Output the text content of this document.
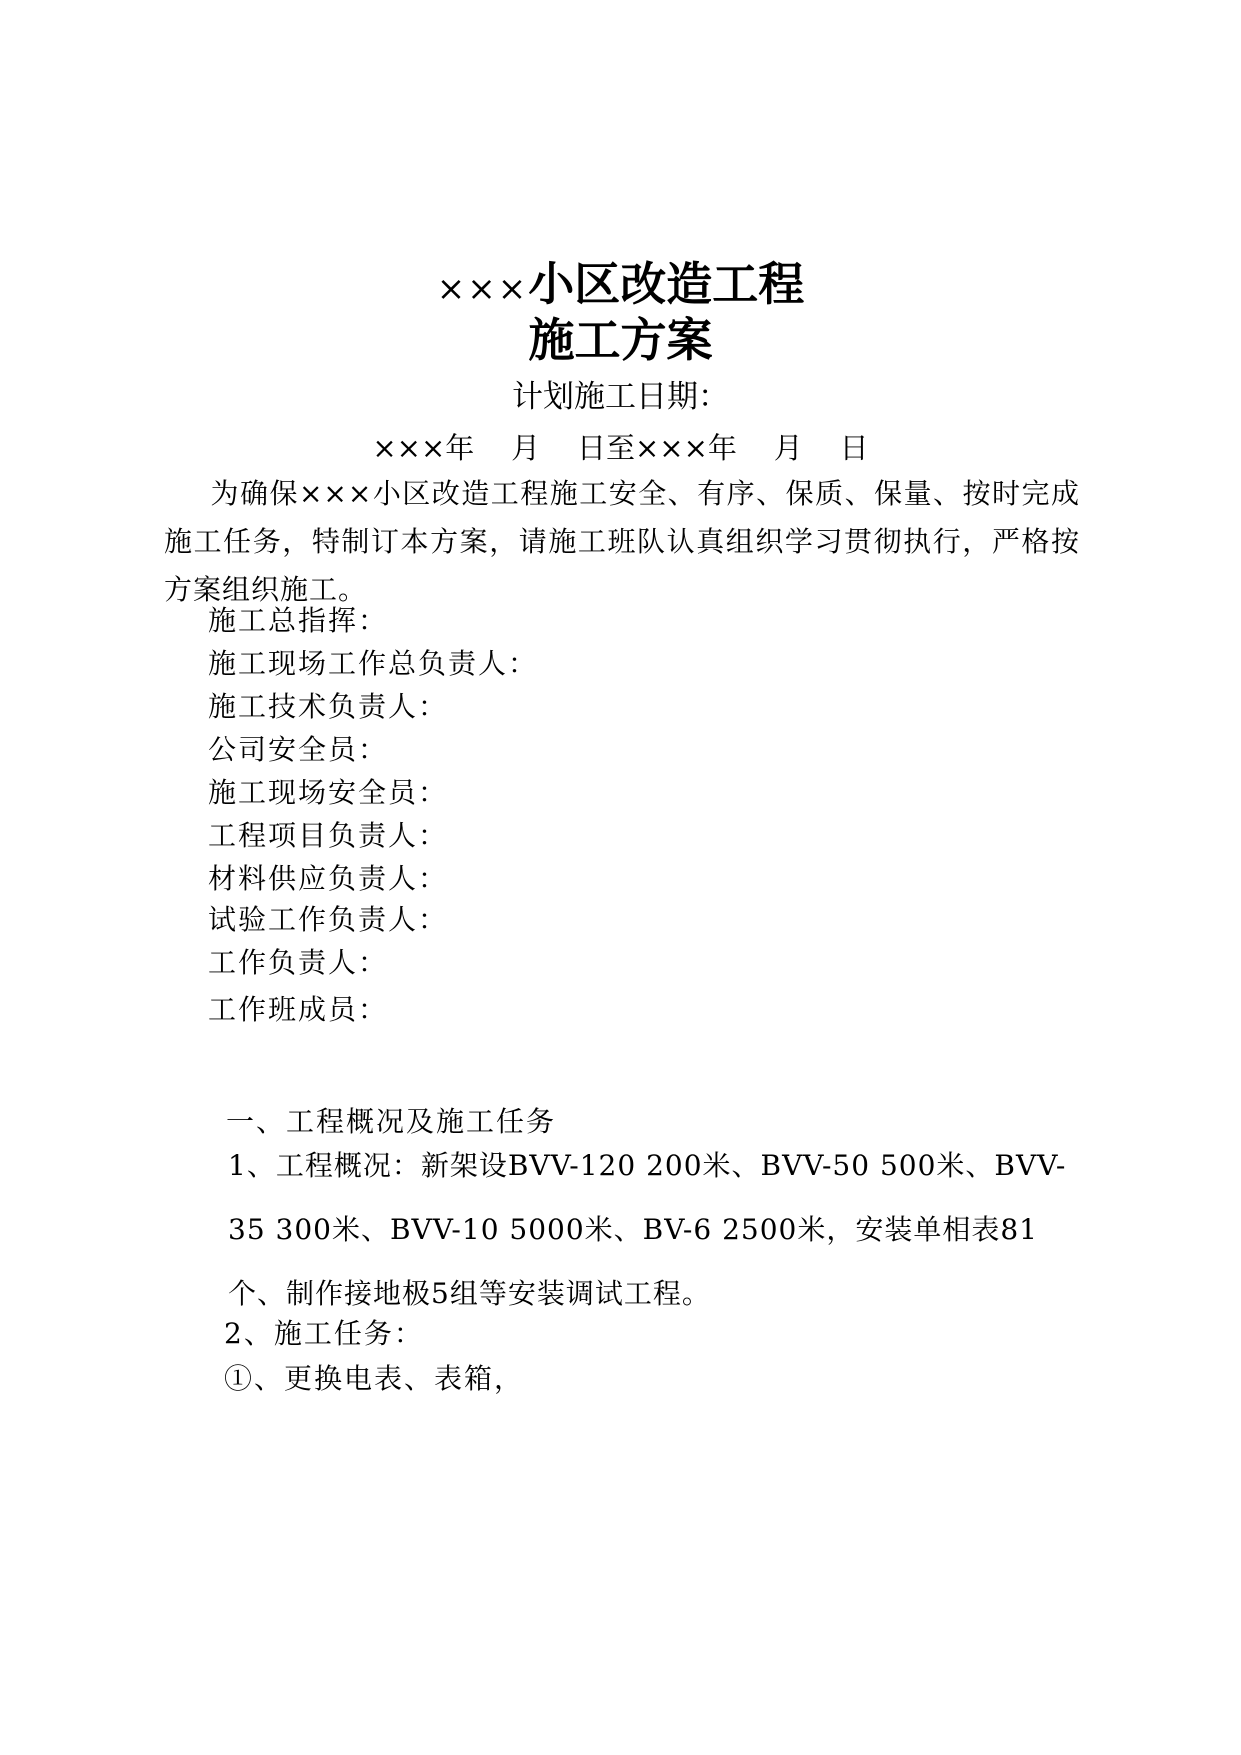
×××小区改造工程
施工方案
计划施工日期：
×××年    月    日至×××年    月    日
为确保×××小区改造工程施工安全、有序、保质、保量、按时完成施工任务，特制订本方案，请施工班队认真组织学习贯彻执行，严格按方案组织施工。
施工总指挥：
施工现场工作总负责人：
施工技术负责人：
公司安全员：
施工现场安全员：
工程项目负责人：
材料供应负责人：
试验工作负责人：
工作负责人：
工作班成员：
一、工程概况及施工任务
1、工程概况：新架设BVV-120 200米、BVV-50 500米、BVV-35 300米、BVV-10 5000米、BV-6 2500米，安装单相表81个、制作接地极5组等安装调试工程。
2、施工任务：
①、更换电表、表箱，
